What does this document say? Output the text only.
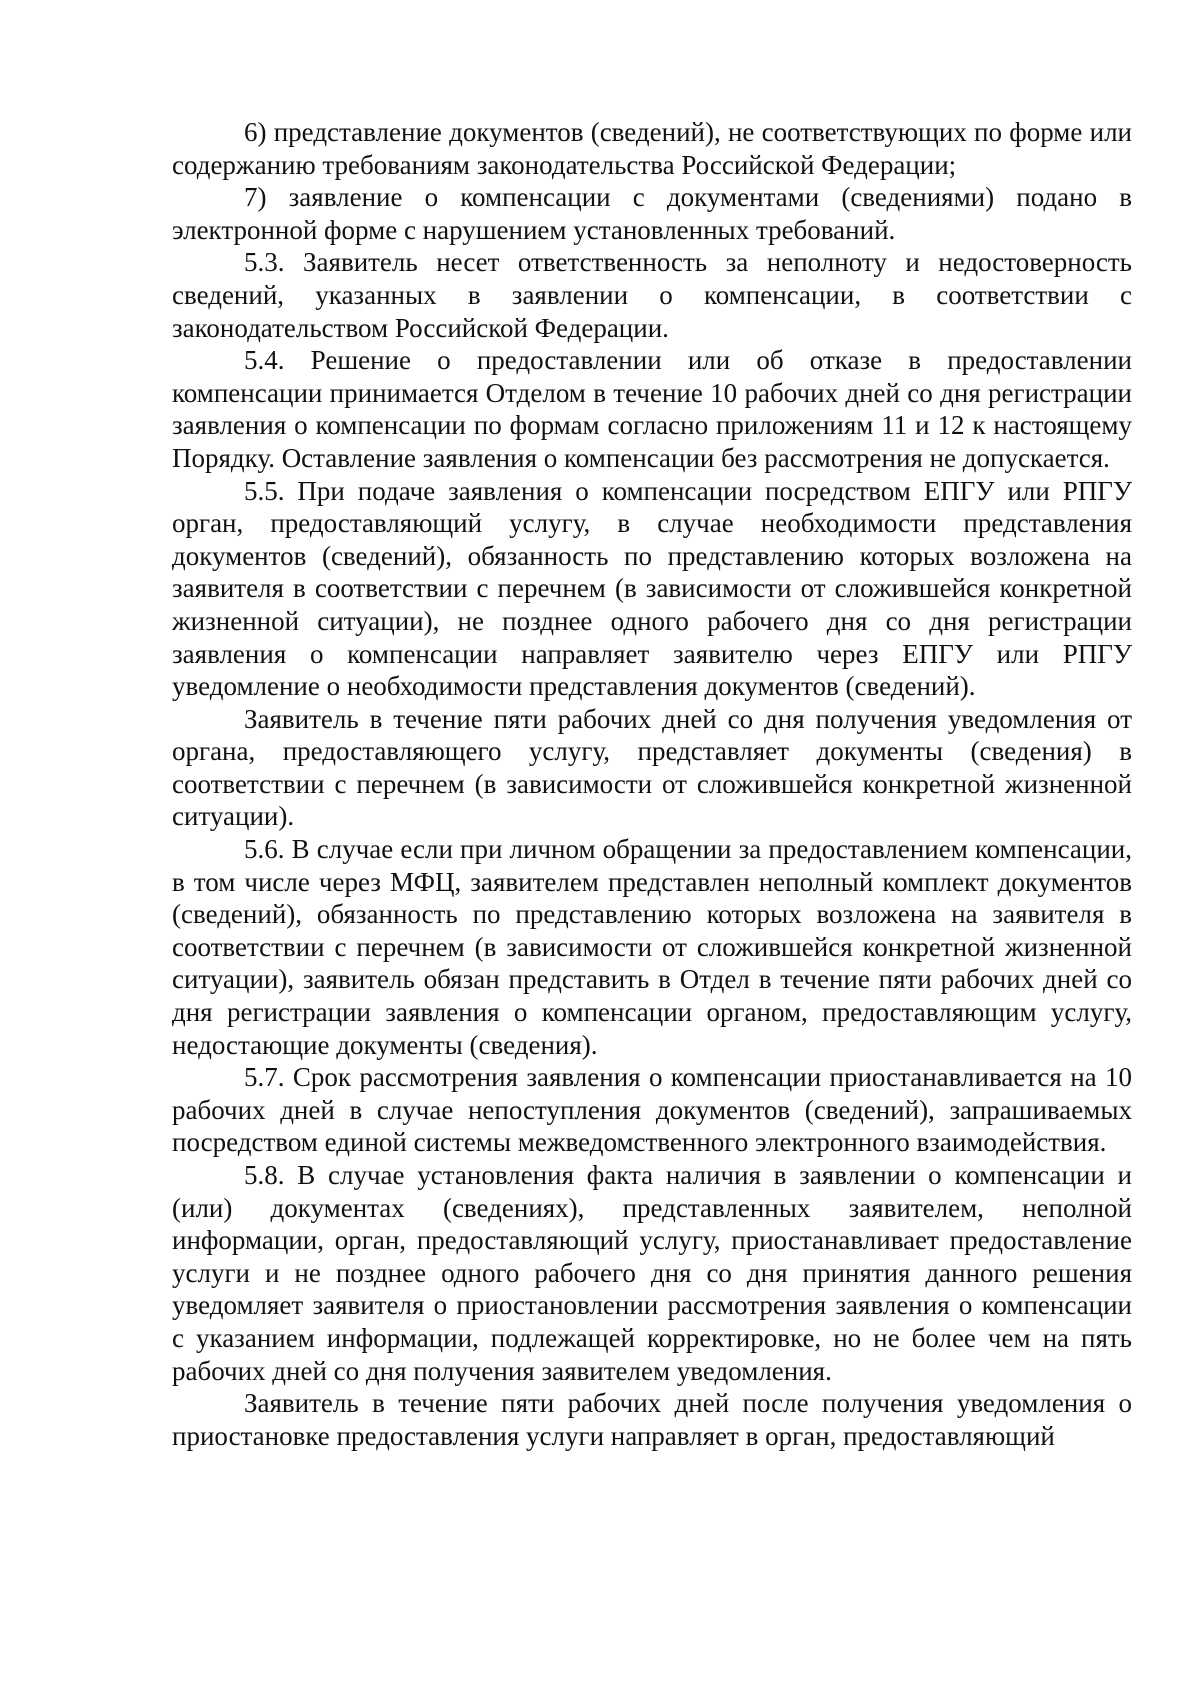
6) представление документов (сведений), не соответствующих по форме или содержанию требованиям законодательства Российской Федерации;

7) заявление о компенсации с документами (сведениями) подано в электронной форме с нарушением установленных требований.

5.3. Заявитель несет ответственность за неполноту и недостоверность сведений, указанных в заявлении о компенсации, в соответствии с законодательством Российской Федерации.

5.4. Решение о предоставлении или об отказе в предоставлении компенсации принимается Отделом в течение 10 рабочих дней со дня регистрации заявления о компенсации по формам согласно приложениям 11 и 12 к настоящему Порядку. Оставление заявления о компенсации без рассмотрения не допускается.

5.5. При подаче заявления о компенсации посредством ЕПГУ или РПГУ орган, предоставляющий услугу, в случае необходимости представления документов (сведений), обязанность по представлению которых возложена на заявителя в соответствии с перечнем (в зависимости от сложившейся конкретной жизненной ситуации), не позднее одного рабочего дня со дня регистрации заявления о компенсации направляет заявителю через ЕПГУ или РПГУ уведомление о необходимости представления документов (сведений).

Заявитель в течение пяти рабочих дней со дня получения уведомления от органа, предоставляющего услугу, представляет документы (сведения) в соответствии с перечнем (в зависимости от сложившейся конкретной жизненной ситуации).

5.6. В случае если при личном обращении за предоставлением компенсации, в том числе через МФЦ, заявителем представлен неполный комплект документов (сведений), обязанность по представлению которых возложена на заявителя в соответствии с перечнем (в зависимости от сложившейся конкретной жизненной ситуации), заявитель обязан представить в Отдел в течение пяти рабочих дней со дня регистрации заявления о компенсации органом, предоставляющим услугу, недостающие документы (сведения).

5.7. Срок рассмотрения заявления о компенсации приостанавливается на 10 рабочих дней в случае непоступления документов (сведений), запрашиваемых посредством единой системы межведомственного электронного взаимодействия.

5.8. В случае установления факта наличия в заявлении о компенсации и (или) документах (сведениях), представленных заявителем, неполной информации, орган, предоставляющий услугу, приостанавливает предоставление услуги и не позднее одного рабочего дня со дня принятия данного решения уведомляет заявителя о приостановлении рассмотрения заявления о компенсации с указанием информации, подлежащей корректировке, но не более чем на пять рабочих дней со дня получения заявителем уведомления.

Заявитель в течение пяти рабочих дней после получения уведомления о приостановке предоставления услуги направляет в орган, предоставляющий
